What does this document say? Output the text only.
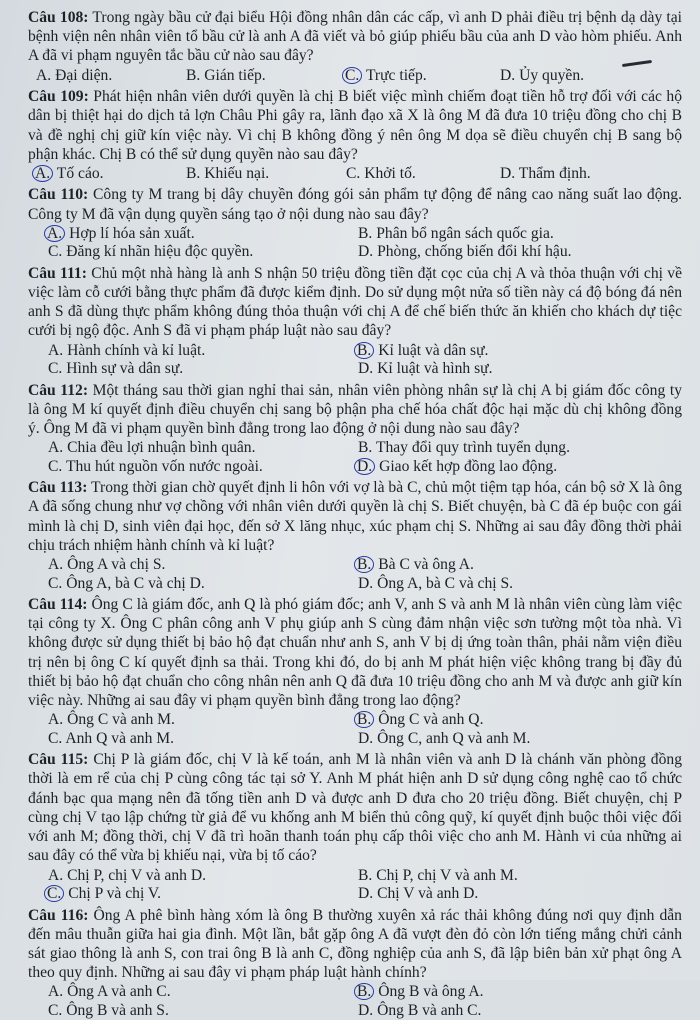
Câu 108: Trong ngày bầu cử đại biểu Hội đồng nhân dân các cấp, vì anh D phải điều trị bệnh dạ dày tại bệnh viện nên nhân viên tổ bầu cử là anh A đã viết và bỏ giúp phiếu bầu của anh D vào hòm phiếu. Anh A đã vi phạm nguyên tắc bầu cử nào sau đây?

A. Đại diện.	B. Gián tiếp.	C. Trực tiếp.	D. Ủy quyền.

Câu 109: Phát hiện nhân viên dưới quyền là chị B biết việc mình chiếm đoạt tiền hỗ trợ đối với các hộ dân bị thiệt hại do dịch tả lợn Châu Phi gây ra, lãnh đạo xã X là ông M đã đưa 10 triệu đồng cho chị B và đề nghị chị giữ kín việc này. Vì chị B không đồng ý nên ông M dọa sẽ điều chuyển chị B sang bộ phận khác. Chị B có thể sử dụng quyền nào sau đây?

A. Tố cáo.	B. Khiếu nại.	C. Khởi tố.	D. Thẩm định.

Câu 110: Công ty M trang bị dây chuyền đóng gói sản phẩm tự động để nâng cao năng suất lao động. Công ty M đã vận dụng quyền sáng tạo ở nội dung nào sau đây?

A. Hợp lí hóa sản xuất.	B. Phân bổ ngân sách quốc gia.
C. Đăng kí nhãn hiệu độc quyền.	D. Phòng, chống biến đổi khí hậu.

Câu 111: Chủ một nhà hàng là anh S nhận 50 triệu đồng tiền đặt cọc của chị A và thỏa thuận với chị về việc làm cỗ cưới bằng thực phẩm đã được kiểm định. Do sử dụng một nửa số tiền này cá độ bóng đá nên anh S đã dùng thực phẩm không đúng thỏa thuận với chị A để chế biến thức ăn khiến cho khách dự tiệc cưới bị ngộ độc. Anh S đã vi phạm pháp luật nào sau đây?

A. Hành chính và kỉ luật.	B. Kỉ luật và dân sự.
C. Hình sự và dân sự.	D. Kỉ luật và hình sự.

Câu 112: Một tháng sau thời gian nghỉ thai sản, nhân viên phòng nhân sự là chị A bị giám đốc công ty là ông M kí quyết định điều chuyển chị sang bộ phận pha chế hóa chất độc hại mặc dù chị không đồng ý. Ông M đã vi phạm quyền bình đẳng trong lao động ở nội dung nào sau đây?

A. Chia đều lợi nhuận bình quân.	B. Thay đổi quy trình tuyển dụng.
C. Thu hút nguồn vốn nước ngoài.	D. Giao kết hợp đồng lao động.

Câu 113: Trong thời gian chờ quyết định li hôn với vợ là bà C, chủ một tiệm tạp hóa, cán bộ sở X là ông A đã sống chung như vợ chồng với nhân viên dưới quyền là chị S. Biết chuyện, bà C đã ép buộc con gái mình là chị D, sinh viên đại học, đến sở X lăng nhục, xúc phạm chị S. Những ai sau đây đồng thời phải chịu trách nhiệm hành chính và kỉ luật?

A. Ông A và chị S.	B. Bà C và ông A.
C. Ông A, bà C và chị D.	D. Ông A, bà C và chị S.

Câu 114: Ông C là giám đốc, anh Q là phó giám đốc; anh V, anh S và anh M là nhân viên cùng làm việc tại công ty X. Ông C phân công anh V phụ giúp anh S cùng đảm nhận việc sơn tường một tòa nhà. Vì không được sử dụng thiết bị bảo hộ đạt chuẩn như anh S, anh V bị dị ứng toàn thân, phải nằm viện điều trị nên bị ông C kí quyết định sa thải. Trong khi đó, do bị anh M phát hiện việc không trang bị đầy đủ thiết bị bảo hộ đạt chuẩn cho công nhân nên anh Q đã đưa 10 triệu đồng cho anh M và được anh giữ kín việc này. Những ai sau đây vi phạm quyền bình đẳng trong lao động?

A. Ông C và anh M.	B. Ông C và anh Q.
C. Anh Q và anh M.	D. Ông C, anh Q và anh M.

Câu 115: Chị P là giám đốc, chị V là kế toán, anh M là nhân viên và anh D là chánh văn phòng đồng thời là em rể của chị P cùng công tác tại sở Y. Anh M phát hiện anh D sử dụng công nghệ cao tổ chức đánh bạc qua mạng nên đã tống tiền anh D và được anh D đưa cho 20 triệu đồng. Biết chuyện, chị P cùng chị V tạo lập chứng từ giả để vu khống anh M biển thủ công quỹ, kí quyết định buộc thôi việc đối với anh M; đồng thời, chị V đã trì hoãn thanh toán phụ cấp thôi việc cho anh M. Hành vi của những ai sau đây có thể vừa bị khiếu nại, vừa bị tố cáo?

A. Chị P, chị V và anh D.	B. Chị P, chị V và anh M.
C. Chị P và chị V.	D. Chị V và anh D.

Câu 116: Ông A phê bình hàng xóm là ông B thường xuyên xả rác thải không đúng nơi quy định dẫn đến mâu thuẫn giữa hai gia đình. Một lần, bắt gặp ông A đã vượt đèn đỏ còn lớn tiếng mắng chửi cảnh sát giao thông là anh S, con trai ông B là anh C, đồng nghiệp của anh S, đã lập biên bản xử phạt ông A theo quy định. Những ai sau đây vi phạm pháp luật hành chính?

A. Ông A và anh C.	B. Ông B và ông A.
C. Ông B và anh S.	D. Ông B và anh C.
